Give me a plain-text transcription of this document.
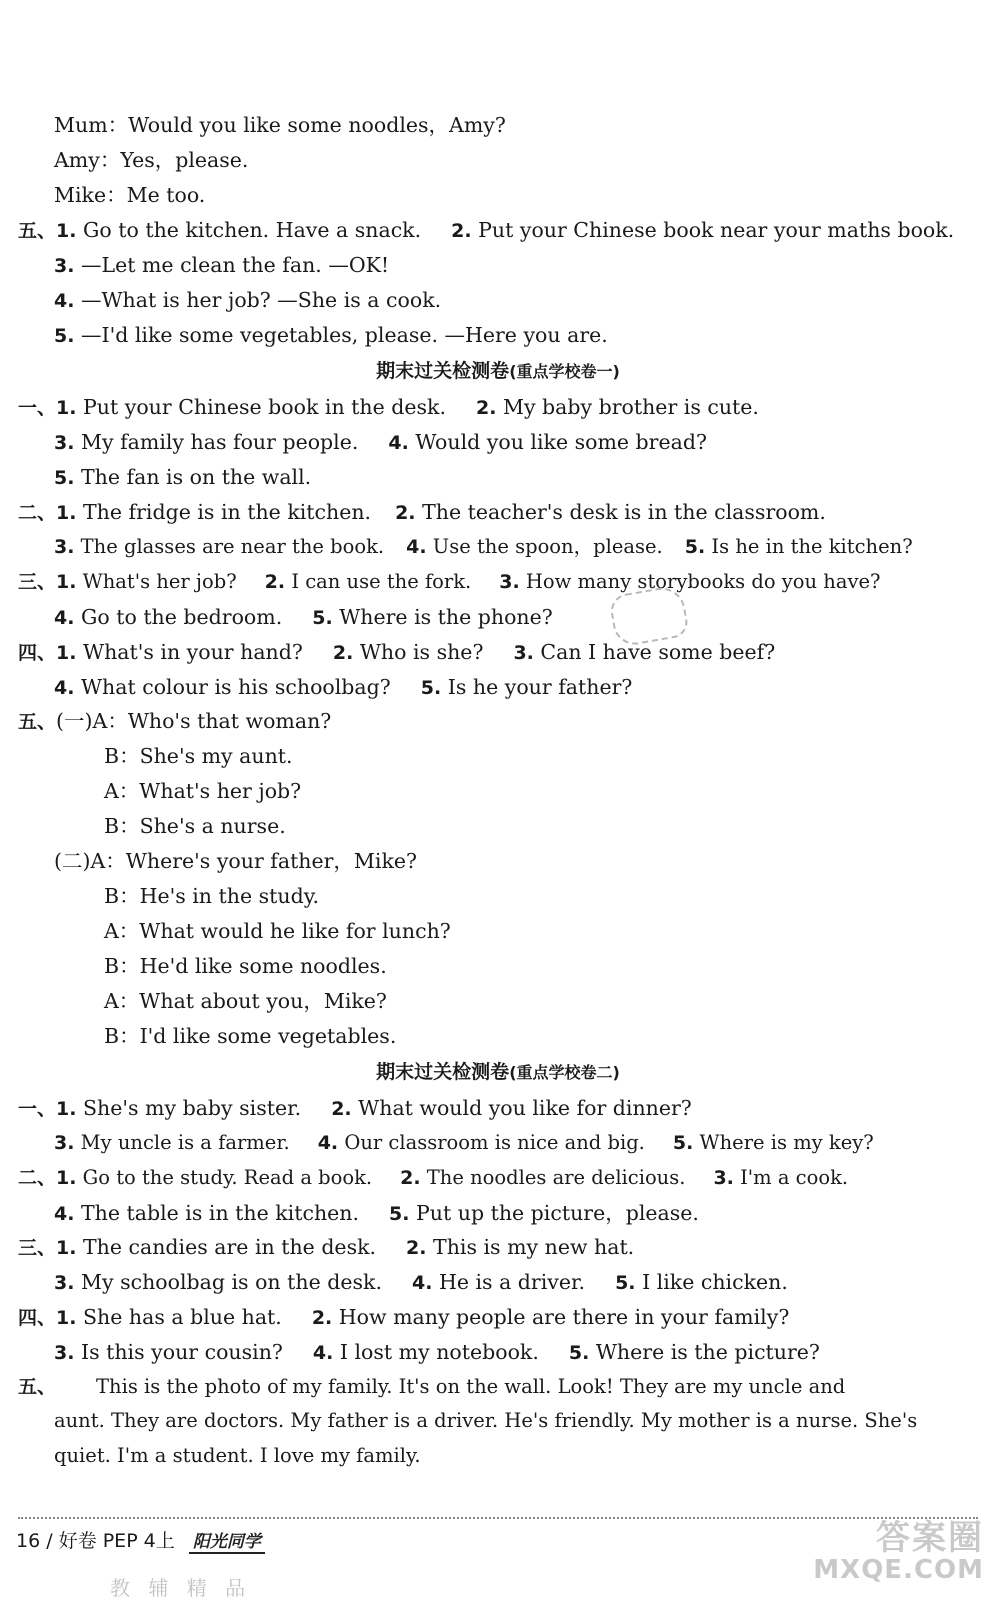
Mum：Would you like some noodles，Amy?
Amy：Yes，please.
Mike：Me too.
五、1. Go to the kitchen. Have a snack. 2. Put your Chinese book near your maths book.
3. —Let me clean the fan. —OK!
4. —What is her job? —She is a cook.
5. —I'd like some vegetables, please. —Here you are.
期末过关检测卷(重点学校卷一)
一、1. Put your Chinese book in the desk. 2. My baby brother is cute.
3. My family has four people. 4. Would you like some bread?
5. The fan is on the wall.
二、1. The fridge is in the kitchen. 2. The teacher's desk is in the classroom.
3. The glasses are near the book. 4. Use the spoon，please. 5. Is he in the kitchen?
三、1. What's her job? 2. I can use the fork. 3. How many storybooks do you have?
4. Go to the bedroom. 5. Where is the phone?
四、1. What's in your hand? 2. Who is she? 3. Can I have some beef?
4. What colour is his schoolbag? 5. Is he your father?
五、(一)A：Who's that woman?
B：She's my aunt.
A：What's her job?
B：She's a nurse.
(二)A：Where's your father，Mike?
B：He's in the study.
A：What would he like for lunch?
B：He'd like some noodles.
A：What about you，Mike?
B：I'd like some vegetables.
期末过关检测卷(重点学校卷二)
一、1. She's my baby sister. 2. What would you like for dinner?
3. My uncle is a farmer. 4. Our classroom is nice and big. 5. Where is my key?
二、1. Go to the study. Read a book. 2. The noodles are delicious. 3. I'm a cook.
4. The table is in the kitchen. 5. Put up the picture，please.
三、1. The candies are in the desk. 2. This is my new hat.
3. My schoolbag is on the desk. 4. He is a driver. 5. I like chicken.
四、1. She has a blue hat. 2. How many people are there in your family?
3. Is this your cousin? 4. I lost my notebook. 5. Where is the picture?
五、 This is the photo of my family. It's on the wall. Look! They are my uncle and
aunt. They are doctors. My father is a driver. He's friendly. My mother is a nurse. She's
quiet. I'm a student. I love my family.
16 / 好卷 PEP 4上 阳光同学	答案圈
MXQE.COM
教 辅 精 品
